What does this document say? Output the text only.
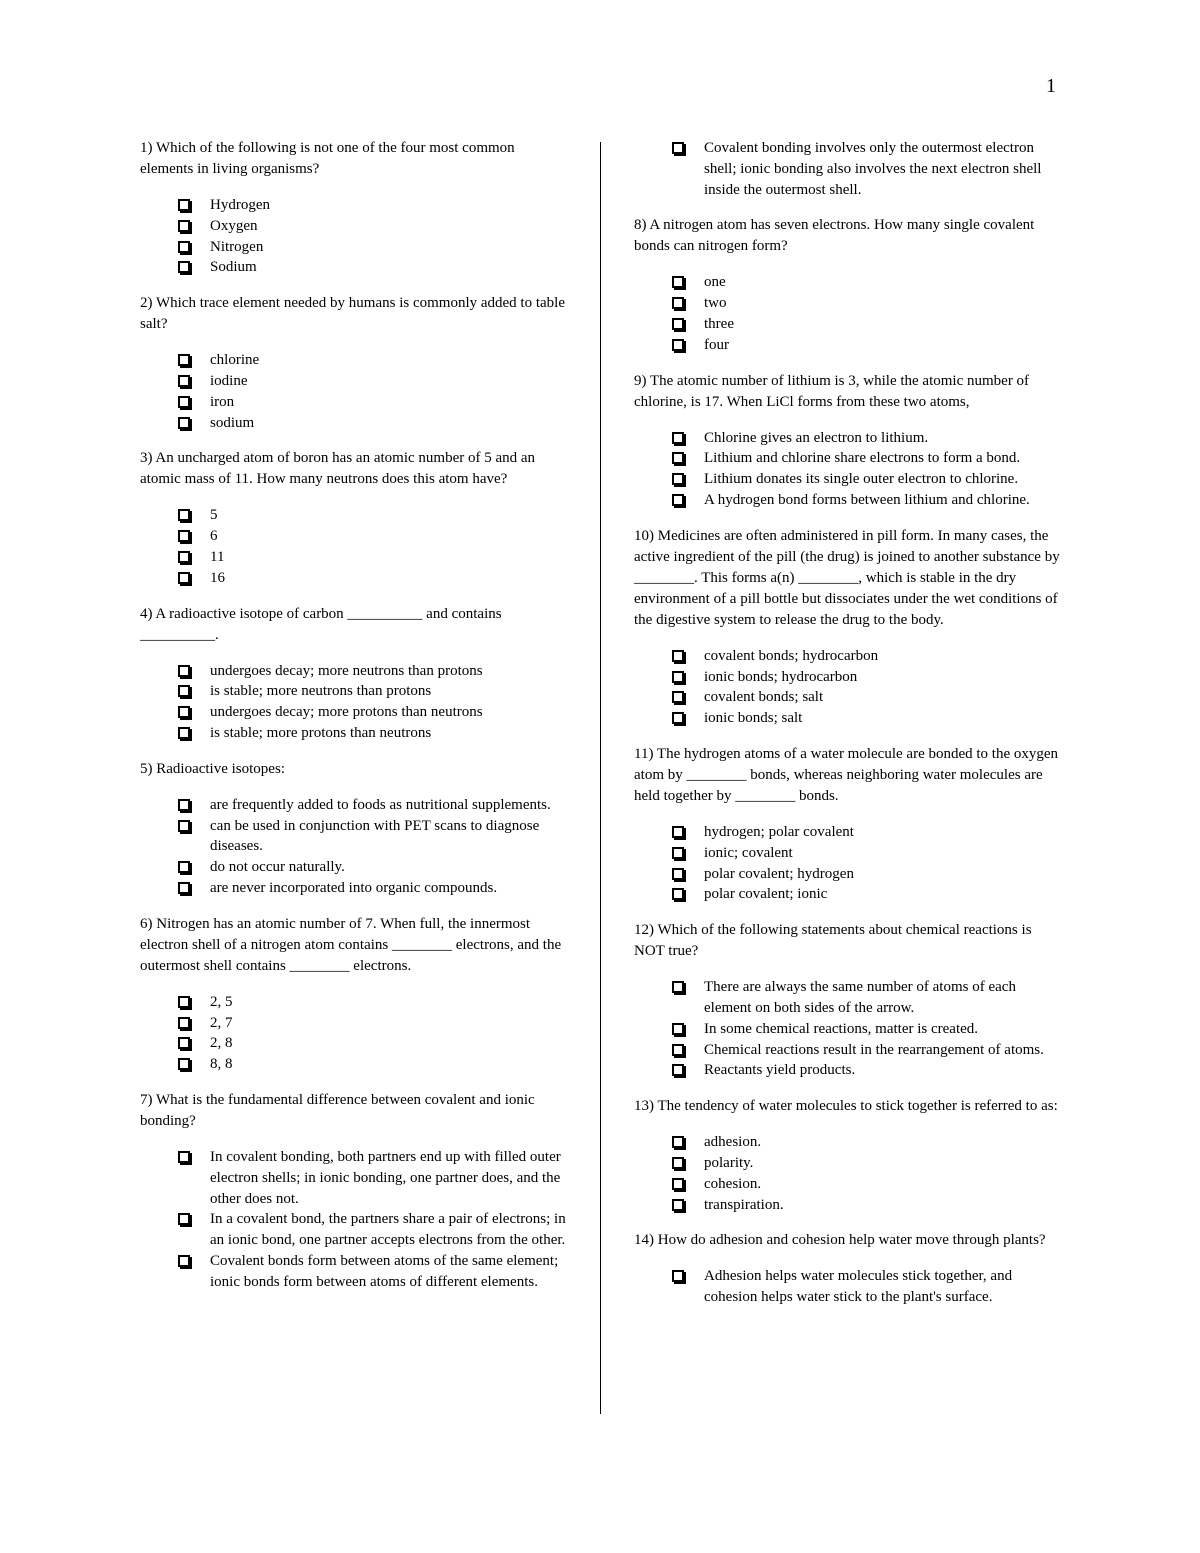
1

1) Which of the following is not one of the four most common elements in living organisms?

Hydrogen
Oxygen
Nitrogen
Sodium

2) Which trace element needed by humans is commonly added to table salt?

chlorine
iodine
iron
sodium

3) An uncharged atom of boron has an atomic number of 5 and an atomic mass of 11. How many neutrons does this atom have?

5
6
11
16

4) A radioactive isotope of carbon __________ and contains __________.

undergoes decay; more neutrons than protons
is stable; more neutrons than protons
undergoes decay; more protons than neutrons
is stable; more protons than neutrons

5) Radioactive isotopes:

are frequently added to foods as nutritional supplements.
can be used in conjunction with PET scans to diagnose diseases.
do not occur naturally.
are never incorporated into organic compounds.

6) Nitrogen has an atomic number of 7. When full, the innermost electron shell of a nitrogen atom contains ________ electrons, and the outermost shell contains ________ electrons.

2, 5
2, 7
2, 8
8, 8

7) What is the fundamental difference between covalent and ionic bonding?

In covalent bonding, both partners end up with filled outer electron shells; in ionic bonding, one partner does, and the other does not.
In a covalent bond, the partners share a pair of electrons; in an ionic bond, one partner accepts electrons from the other.
Covalent bonds form between atoms of the same element; ionic bonds form between atoms of different elements.
Covalent bonding involves only the outermost electron shell; ionic bonding also involves the next electron shell inside the outermost shell.

8) A nitrogen atom has seven electrons. How many single covalent bonds can nitrogen form?

one
two
three
four

9) The atomic number of lithium is 3, while the atomic number of chlorine, is 17. When LiCl forms from these two atoms,

Chlorine gives an electron to lithium.
Lithium and chlorine share electrons to form a bond.
Lithium donates its single outer electron to chlorine.
A hydrogen bond forms between lithium and chlorine.

10) Medicines are often administered in pill form. In many cases, the active ingredient of the pill (the drug) is joined to another substance by ________. This forms a(n) ________, which is stable in the dry environment of a pill bottle but dissociates under the wet conditions of the digestive system to release the drug to the body.

covalent bonds; hydrocarbon
ionic bonds; hydrocarbon
covalent bonds; salt
ionic bonds; salt

11) The hydrogen atoms of a water molecule are bonded to the oxygen atom by ________ bonds, whereas neighboring water molecules are held together by ________ bonds.

hydrogen; polar covalent
ionic; covalent
polar covalent; hydrogen
polar covalent; ionic

12) Which of the following statements about chemical reactions is NOT true?

There are always the same number of atoms of each element on both sides of the arrow.
In some chemical reactions, matter is created.
Chemical reactions result in the rearrangement of atoms.
Reactants yield products.

13) The tendency of water molecules to stick together is referred to as:

adhesion.
polarity.
cohesion.
transpiration.

14) How do adhesion and cohesion help water move through plants?

Adhesion helps water molecules stick together, and cohesion helps water stick to the plant's surface.
